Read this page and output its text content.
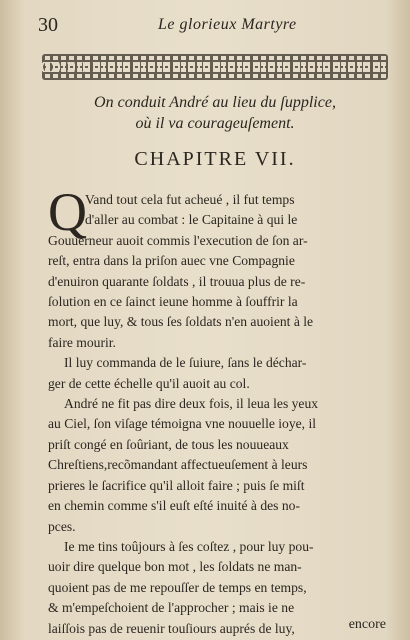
30	Le glorieux Martyre
On conduit André au lieu du ſupplice,
où il va courageuſement.
CHAPITRE VII.
Q
Vand tout cela fut acheué , il fut temps
d'aller au combat : le Capitaine à qui le
Gouuerneur auoit commis l'execution de ſon ar-
reſt, entra dans la priſon auec vne Compagnie
d'enuiron quarante ſoldats , il trouua plus de re-
ſolution en ce ſainct ieune homme à ſouffrir la
mort, que luy, & tous ſes ſoldats n'en auoient à le
faire mourir.
Il luy commanda de le ſuiure, ſans le déchar-
ger de cette échelle qu'il auoit au col.
André ne fit pas dire deux fois, il leua les yeux
au Ciel, ſon viſage témoigna vne nouuelle ioye, il
priſt congé en ſoûriant, de tous les nouueaux
Chreſtiens,recõmandant affectueuſement à leurs
prieres le ſacrifice qu'il alloit faire ; puis ſe miſt
en chemin comme s'il euſt eſté inuité à des no-
pces.
Ie me tins toûjours à ſes coſtez , pour luy pou-
uoir dire quelque bon mot , les ſoldats ne man-
quoient pas de me repouſſer de temps en temps,
& m'empeſchoient de l'approcher ; mais ie ne
laiſſois pas de reuenir touſiours auprés de luy,	encore
